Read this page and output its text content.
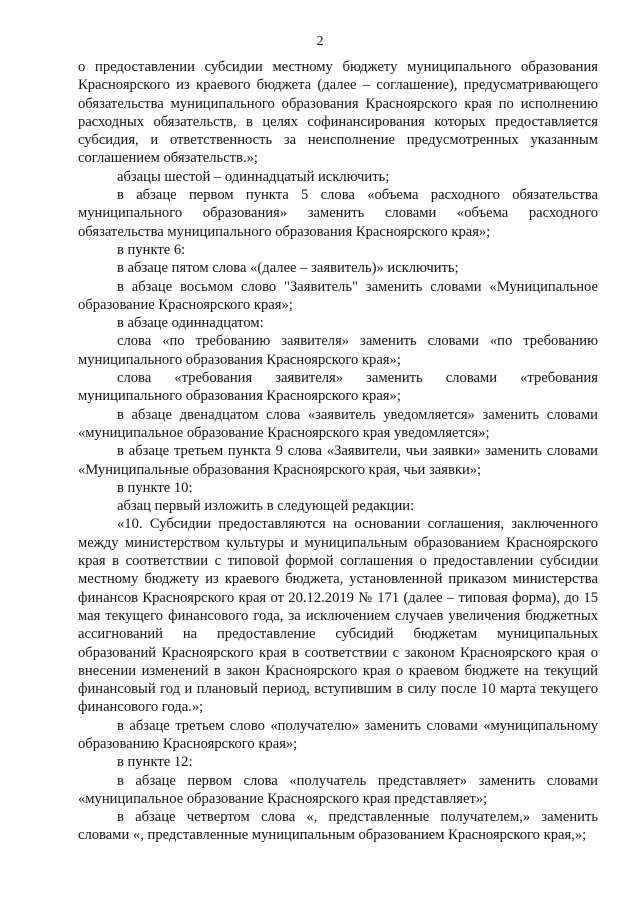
2

о предоставлении субсидии местному бюджету муниципального образования Красноярского из краевого бюджета (далее – соглашение), предусматривающего обязательства муниципального образования Красноярского края по исполнению расходных обязательств, в целях софинансирования которых предоставляется субсидия, и ответственность за неисполнение предусмотренных указанным соглашением обязательств.»;

абзацы шестой – одиннадцатый исключить;

в абзаце первом пункта 5 слова «объема расходного обязательства муниципального образования» заменить словами «объема расходного обязательства муниципального образования Красноярского края»;

в пункте 6:

в абзаце пятом слова «(далее – заявитель)» исключить;

в абзаце восьмом слово "Заявитель" заменить словами «Муниципальное образование Красноярского края»;

в абзаце одиннадцатом:

слова «по требованию заявителя» заменить словами «по требованию муниципального образования Красноярского края»;

слова «требования заявителя» заменить словами «требования муниципального образования Красноярского края»;

в абзаце двенадцатом слова «заявитель уведомляется» заменить словами «муниципальное образование Красноярского края уведомляется»;

в абзаце третьем пункта 9 слова «Заявители, чьи заявки» заменить словами «Муниципальные образования Красноярского края, чьи заявки»;

в пункте 10:

абзац первый изложить в следующей редакции:

«10. Субсидии предоставляются на основании соглашения, заключенного между министерством культуры и муниципальным образованием Красноярского края в соответствии с типовой формой соглашения о предоставлении субсидии местному бюджету из краевого бюджета, установленной приказом министерства финансов Красноярского края от 20.12.2019 № 171 (далее – типовая форма), до 15 мая текущего финансового года, за исключением случаев увеличения бюджетных ассигнований на предоставление субсидий бюджетам муниципальных образований Красноярского края в соответствии с законом Красноярского края о внесении изменений в закон Красноярского края о краевом бюджете на текущий финансовый год и плановый период, вступившим в силу после 10 марта текущего финансового года.»;

в абзаце третьем слово «получателю» заменить словами «муниципальному образованию Красноярского края»;

в пункте 12:

в абзаце первом слова «получатель представляет» заменить словами «муниципальное образование Красноярского края представляет»;

в абзаце четвертом слова «, представленные получателем,» заменить словами «, представленные муниципальным образованием Красноярского края,»;
